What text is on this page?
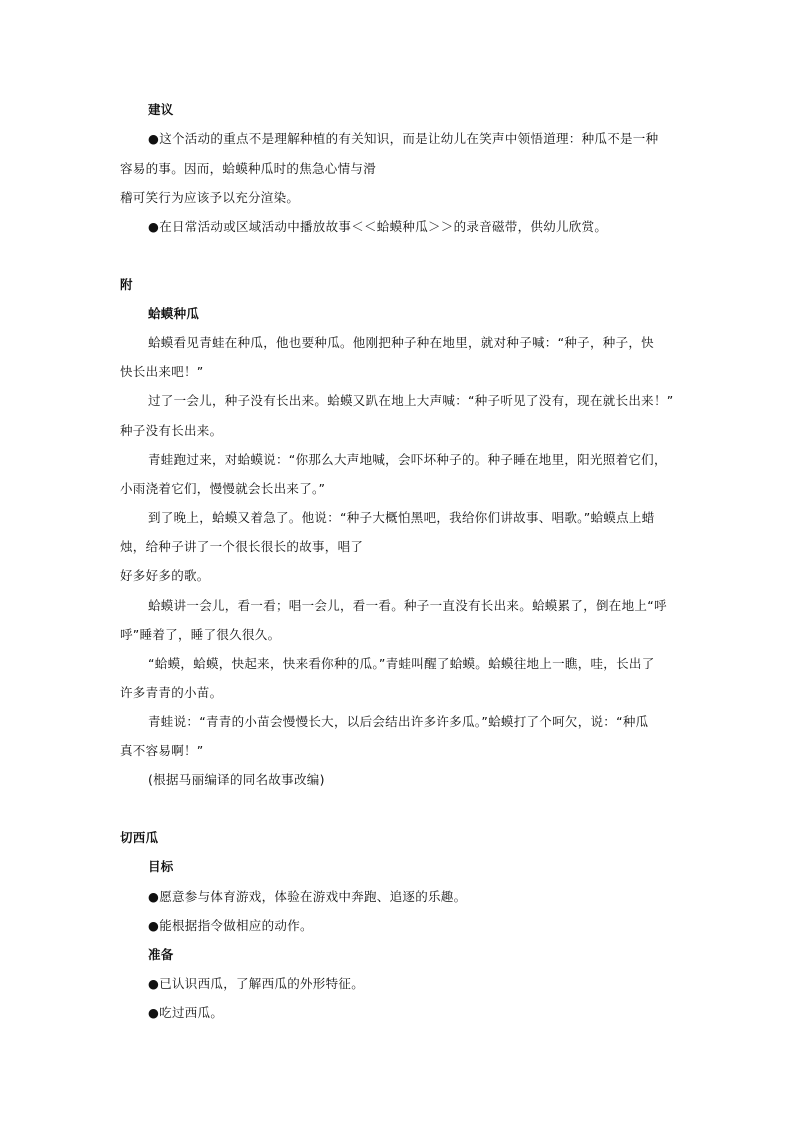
建议
●这个活动的重点不是理解种植的有关知识，而是让幼儿在笑声中领悟道理：种瓜不是一种
容易的事。因而，蛤蟆种瓜时的焦急心情与滑
稽可笑行为应该予以充分渲染。
●在日常活动或区域活动中播放故事＜＜蛤蟆种瓜＞＞的录音磁带，供幼儿欣赏。
附
蛤蟆种瓜
蛤蟆看见青蛙在种瓜，他也要种瓜。他刚把种子种在地里，就对种子喊：“种子，种子，快
快长出来吧！”
过了一会儿，种子没有长出来。蛤蟆又趴在地上大声喊：“种子听见了没有，现在就长出来！”
种子没有长出来。
青蛙跑过来，对蛤蟆说：“你那么大声地喊，会吓坏种子的。种子睡在地里，阳光照着它们，
小雨浇着它们，慢慢就会长出来了。”
到了晚上，蛤蟆又着急了。他说：“种子大概怕黑吧，我给你们讲故事、唱歌。”蛤蟆点上蜡
烛，给种子讲了一个很长很长的故事，唱了
好多好多的歌。
蛤蟆讲一会儿，看一看；唱一会儿，看一看。种子一直没有长出来。蛤蟆累了，倒在地上“呼
呼”睡着了，睡了很久很久。
“蛤蟆，蛤蟆，快起来，快来看你种的瓜。”青蛙叫醒了蛤蟆。蛤蟆往地上一瞧，哇，长出了
许多青青的小苗。
青蛙说：“青青的小苗会慢慢长大，以后会结出许多许多瓜。”蛤蟆打了个呵欠，说：“种瓜
真不容易啊！”
(根据马丽编译的同名故事改编)
切西瓜
目标
●愿意参与体育游戏，体验在游戏中奔跑、追逐的乐趣。
●能根据指令做相应的动作。
准备
●已认识西瓜，了解西瓜的外形特征。
●吃过西瓜。
